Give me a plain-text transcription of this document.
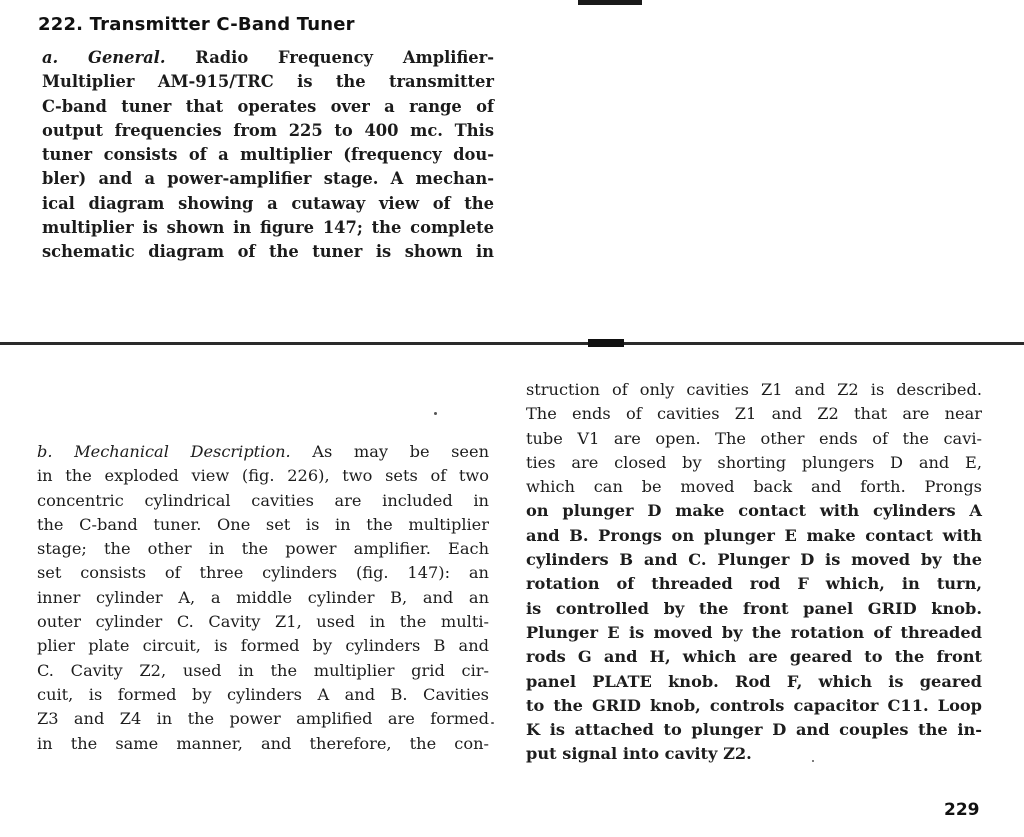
222. Transmitter C-Band Tuner
a. General. Radio Frequency Amplifier-
Multiplier AM-915/TRC is the transmitter
C-band tuner that operates over a range of
output frequencies from 225 to 400 mc. This
tuner consists of a multiplier (frequency dou-
bler) and a power-amplifier stage. A mechan-
ical diagram showing a cutaway view of the
multiplier is shown in figure 147; the complete
schematic diagram of the tuner is shown in
b. Mechanical Description. As may be seen
in the exploded view (fig. 226), two sets of two
concentric cylindrical cavities are included in
the C-band tuner. One set is in the multiplier
stage; the other in the power amplifier. Each
set consists of three cylinders (fig. 147): an
inner cylinder A, a middle cylinder B, and an
outer cylinder C. Cavity Z1, used in the multi-
plier plate circuit, is formed by cylinders B and
C. Cavity Z2, used in the multiplier grid cir-
cuit, is formed by cylinders A and B. Cavities
Z3 and Z4 in the power amplified are formed
in the same manner, and therefore, the con-
struction of only cavities Z1 and Z2 is described.
The ends of cavities Z1 and Z2 that are near
tube V1 are open. The other ends of the cavi-
ties are closed by shorting plungers D and E,
which can be moved back and forth. Prongs
on plunger D make contact with cylinders A
and B. Prongs on plunger E make contact with
cylinders B and C. Plunger D is moved by the
rotation of threaded rod F which, in turn,
is controlled by the front panel GRID knob.
Plunger E is moved by the rotation of threaded
rods G and H, which are geared to the front
panel PLATE knob. Rod F, which is geared
to the GRID knob, controls capacitor C11. Loop
K is attached to plunger D and couples the in-
put signal into cavity Z2.
229
